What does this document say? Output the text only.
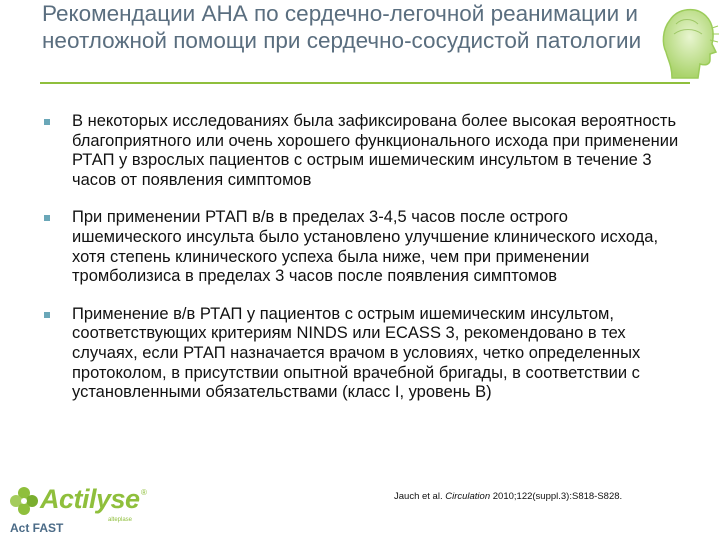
Рекомендации АНА по сердечно-легочной реанимации и неотложной помощи при сердечно-сосудистой патологии
В некоторых исследованиях была зафиксирована более высокая вероятность благоприятного или очень хорошего функционального исхода при применении РТАП у взрослых пациентов с острым ишемическим инсультом в течение 3 часов от появления симптомов
При применении РТАП в/в в пределах 3-4,5 часов после острого ишемического инсульта было установлено улучшение клинического исхода, хотя степень клинического успеха была ниже, чем при применении тромболизиса в пределах 3 часов после появления симптомов
Применение в/в РТАП у пациентов с острым ишемическим инсультом, соответствующих критериям NINDS или ECASS 3, рекомендовано в тех случаях, если РТАП назначается врачом в условиях, четко определенных протоколом, в присутствии опытной врачебной бригады, в соответствии с установленными обязательствами (класс I, уровень B)
Actilyse ®
alteplase
Act FAST
Jauch et al. Circulation 2010;122(suppl.3):S818-S828.
